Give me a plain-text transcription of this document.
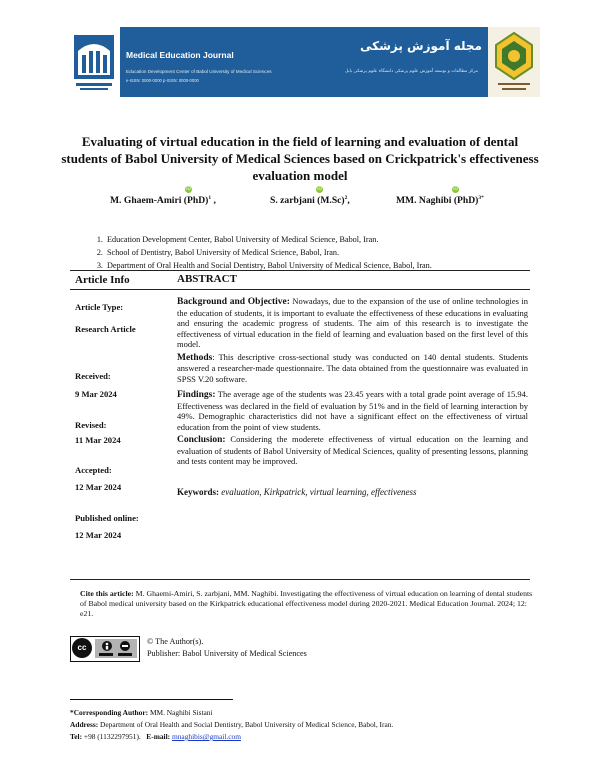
Medical Education Journal
Education Development Center of Babol University of Medical Sciences
e-ISSN: 0000-0000 p-ISSN: 0000-0000
مجله آموزش پزشکی
مرکز مطالعات و توسعه آموزش علوم پزشکی دانشگاه علوم پزشکی بابل
Evaluating of virtual education in the field of learning and evaluation of dental students of Babol University of Medical Sciences based on Crickpatrick's effectiveness evaluation model
iD	iD	iD
M. Ghaem-Amiri (PhD)$^1$ ,	S. zarbjani $(M.Sc)^2$,	MM. Naghibi (PhD)$^{3*}$
1. Education Development Center, Babol University of Medical Science, Babol, Iran.
2. School of Dentistry, Babol University of Medical Science, Babol, Iran.
3. Department of Oral Health and Social Dentistry, Babol University of Medical Science, Babol, Iran.
Article Info	ABSTRACT
Article Type:
Research Article
Received:
9 Mar 2024
Revised:
11 Mar 2024
Accepted:
12 Mar 2024
Published online:
12 Mar 2024

Background and Objective: Nowadays, due to the expansion of the use of online technologies in the education of students, it is important to evaluate the effectiveness of these educations in evaluating and ensuring the academic progress of students. The aim of this research is to investigate the effectiveness of virtual education in the field of learning and evaluation based on the first level of this model.

Methods: This descriptive cross-sectional study was conducted on 140 dental students. Students answered a researcher-made questionnaire. The data obtained from the questionnaire was evaluated in SPSS V.20 software.

Findings: The average age of the students was 23.45 years with a total grade point average of 15.94. Effectiveness was declared in the field of evaluation by 51% and in the field of learning interaction by 49%. Demographic characteristics did not have a significant effect on the effectiveness of virtual education from the point of view students.

Conclusion: Considering the moderete effectiveness of virtual education on the learning and evaluation of students of Babol University of Medical Sciences, quality of presenting lessons, planning and tests content may be improved.

Keywords: evaluation, Kirkpatrick, virtual learning, effectiveness

Cite this article: M. Ghaemi-Amiri, S. zarbjani, MM. Naghibi. Investigating the effectiveness of virtual education on learning of dental students of Babol medical university based on the Kirkpatrick educational effectiveness model during 2020-2021. Medical Education Journal. 2024; 12: e21.
cc
© The Author(s).
Publisher: Babol University of Medical Sciences
*Corresponding Author: MM. Naghibi Sistani
Address: Department of Oral Health and Social Dentistry, Babol University of Medical Science, Babol, Iran.
Tel: +98 (1132297951). E-mail: mnaghibis@gmail.com
